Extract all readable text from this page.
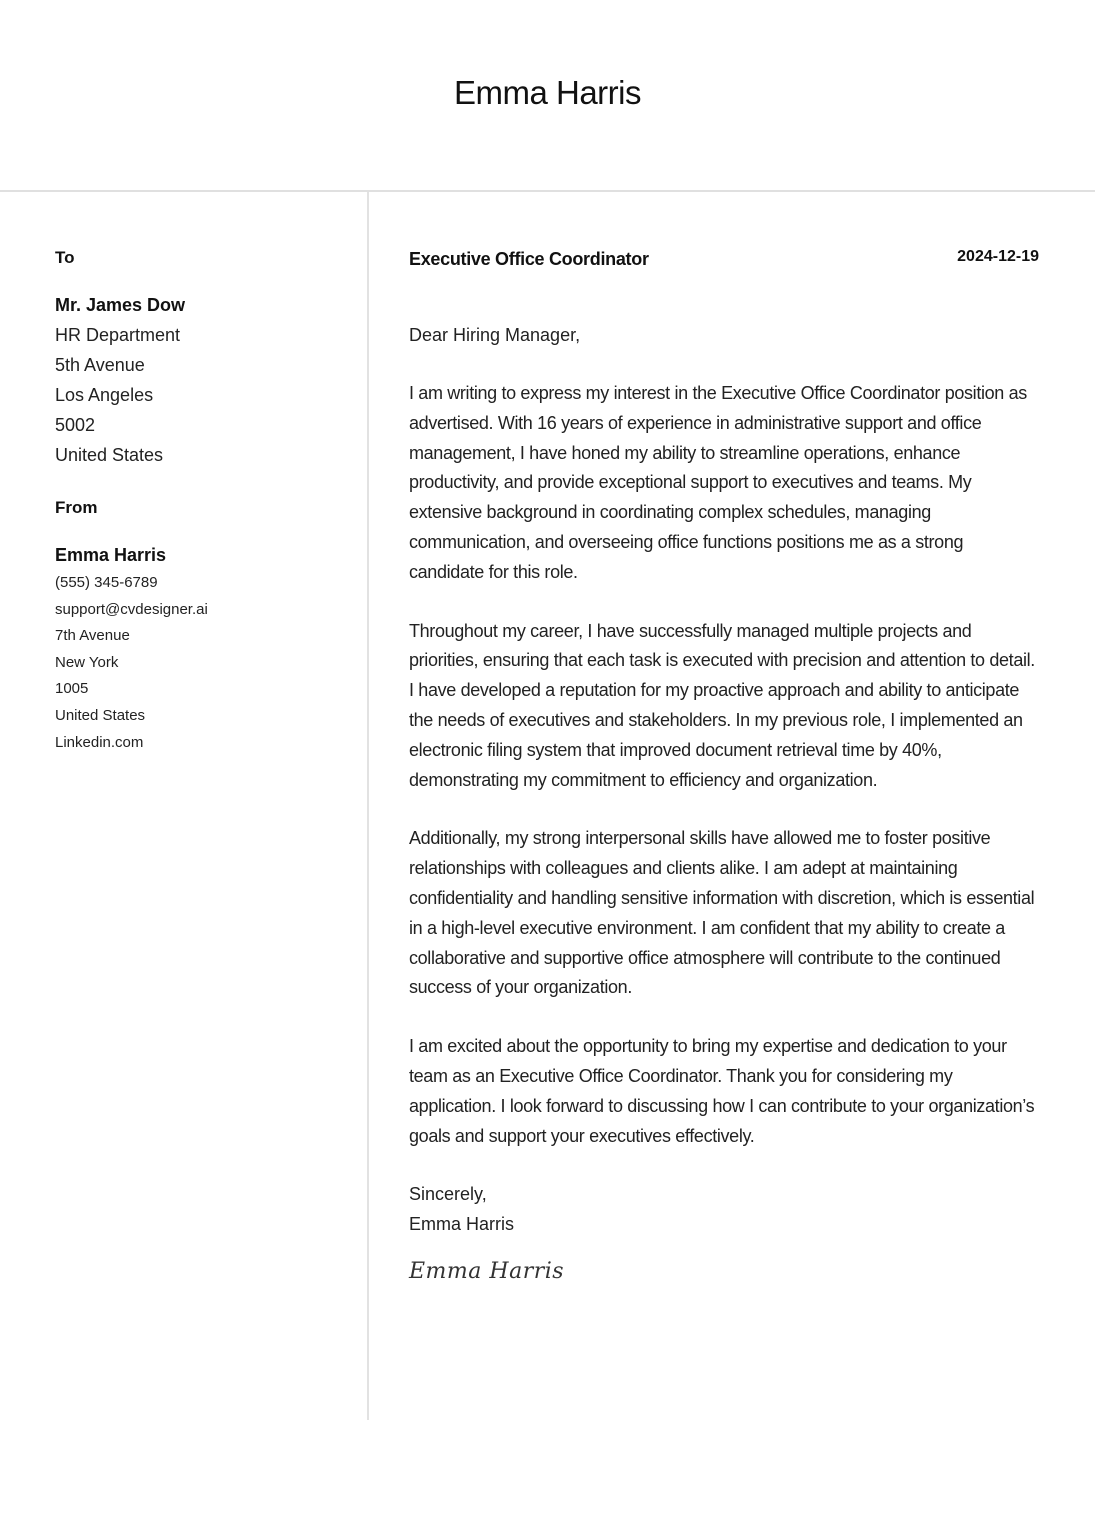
Emma Harris
To
Mr. James Dow
HR Department
5th Avenue
Los Angeles
5002
United States
From
Emma Harris
(555) 345-6789
support@cvdesigner.ai
7th Avenue
New York
1005
United States
Linkedin.com
Executive Office Coordinator	2024-12-19
Dear Hiring Manager,
I am writing to express my interest in the Executive Office Coordinator position as advertised. With 16 years of experience in administrative support and office management, I have honed my ability to streamline operations, enhance productivity, and provide exceptional support to executives and teams. My extensive background in coordinating complex schedules, managing communication, and overseeing office functions positions me as a strong candidate for this role.
Throughout my career, I have successfully managed multiple projects and priorities, ensuring that each task is executed with precision and attention to detail. I have developed a reputation for my proactive approach and ability to anticipate the needs of executives and stakeholders. In my previous role, I implemented an electronic filing system that improved document retrieval time by 40%, demonstrating my commitment to efficiency and organization.
Additionally, my strong interpersonal skills have allowed me to foster positive relationships with colleagues and clients alike. I am adept at maintaining confidentiality and handling sensitive information with discretion, which is essential in a high-level executive environment. I am confident that my ability to create a collaborative and supportive office atmosphere will contribute to the continued success of your organization.
I am excited about the opportunity to bring my expertise and dedication to your team as an Executive Office Coordinator. Thank you for considering my application. I look forward to discussing how I can contribute to your organization’s goals and support your executives effectively.
Sincerely,
Emma Harris
Emma Harris
